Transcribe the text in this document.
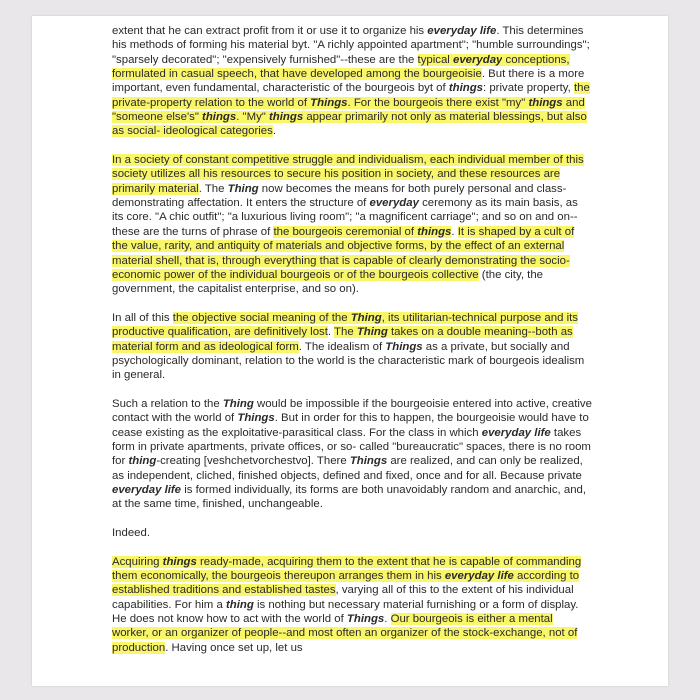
extent that he can extract profit from it or use it to organize his everyday life. This determines his methods of forming his material byt. "A richly appointed apartment"; "humble surroundings"; "sparsely decorated"; "expensively furnished"--these are the typical everyday conceptions, formulated in casual speech, that have developed among the bourgeoisie. But there is a more important, even fundamental, characteristic of the bourgeois byt of things: private property, the private-property relation to the world of Things. For the bourgeois there exist "my" things and "someone else's" things. "My" things appear primarily not only as material blessings, but also as social- ideological categories.

In a society of constant competitive struggle and individualism, each individual member of this society utilizes all his resources to secure his position in society, and these resources are primarily material. The Thing now becomes the means for both purely personal and class-demonstrating affectation. It enters the structure of everyday ceremony as its main basis, as its core. "A chic outfit"; "a luxurious living room"; "a magnificent carriage"; and so on and on--these are the turns of phrase of the bourgeois ceremonial of things. It is shaped by a cult of the value, rarity, and antiquity of materials and objective forms, by the effect of an external material shell, that is, through everything that is capable of clearly demonstrating the socio- economic power of the individual bourgeois or of the bourgeois collective (the city, the government, the capitalist enterprise, and so on).

In all of this the objective social meaning of the Thing, its utilitarian-technical purpose and its productive qualification, are definitively lost. The Thing takes on a double meaning--both as material form and as ideological form. The idealism of Things as a private, but socially and psychologically dominant, relation to the world is the characteristic mark of bourgeois idealism in general.

Such a relation to the Thing would be impossible if the bourgeoisie entered into active, creative contact with the world of Things. But in order for this to happen, the bourgeoisie would have to cease existing as the exploitative-parasitical class. For the class in which everyday life takes form in private apartments, private offices, or so- called "bureaucratic" spaces, there is no room for thing-creating [veshchetvorchestvo]. There Things are realized, and can only be realized, as independent, cliched, finished objects, defined and fixed, once and for all. Because private everyday life is formed individually, its forms are both unavoidably random and anarchic, and, at the same time, finished, unchangeable.

Indeed.

Acquiring things ready-made, acquiring them to the extent that he is capable of commanding them economically, the bourgeois thereupon arranges them in his everyday life according to established traditions and established tastes, varying all of this to the extent of his individual capabilities. For him a thing is nothing but necessary material furnishing or a form of display. He does not know how to act with the world of Things. Our bourgeois is either a mental worker, or an organizer of people--and most often an organizer of the stock-exchange, not of production. Having once set up, let us
